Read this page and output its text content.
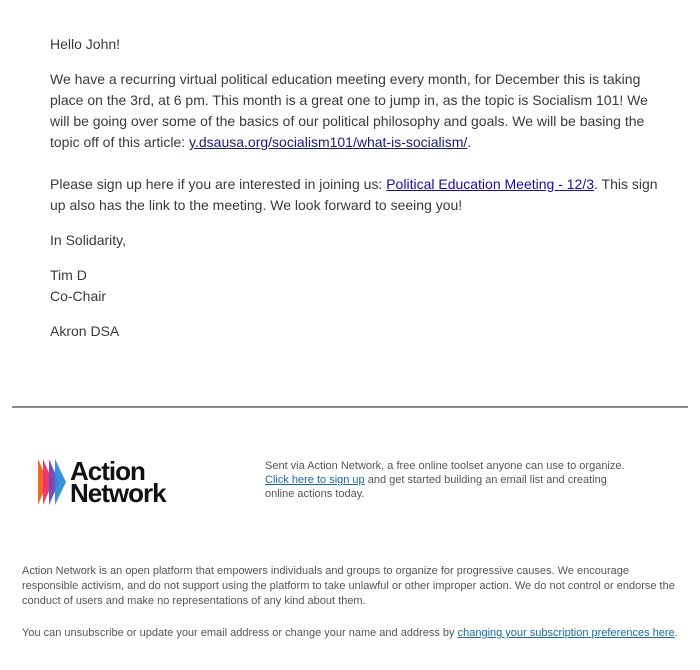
Hello John!

We have a recurring virtual political education meeting every month, for December this is taking place on the 3rd, at 6 pm. This month is a great one to jump in, as the topic is Socialism 101! We will be going over some of the basics of our political philosophy and goals. We will be basing the topic off of this article: y.dsausa.org/socialism101/what-is-socialism/.

Please sign up here if you are interested in joining us: Political Education Meeting - 12/3. This sign up also has the link to the meeting. We look forward to seeing you!

In Solidarity,

Tim D

Co-Chair

Akron DSA

Action
Network
Sent via Action Network, a free online toolset anyone can use to organize.
Click here to sign up and get started building an email list and creating online actions today.
Action Network is an open platform that empowers individuals and groups to organize for progressive causes. We encourage responsible activism, and do not support using the platform to take unlawful or other improper action. We do not control or endorse the conduct of users and make no representations of any kind about them.
You can unsubscribe or update your email address or change your name and address by changing your subscription preferences here.
